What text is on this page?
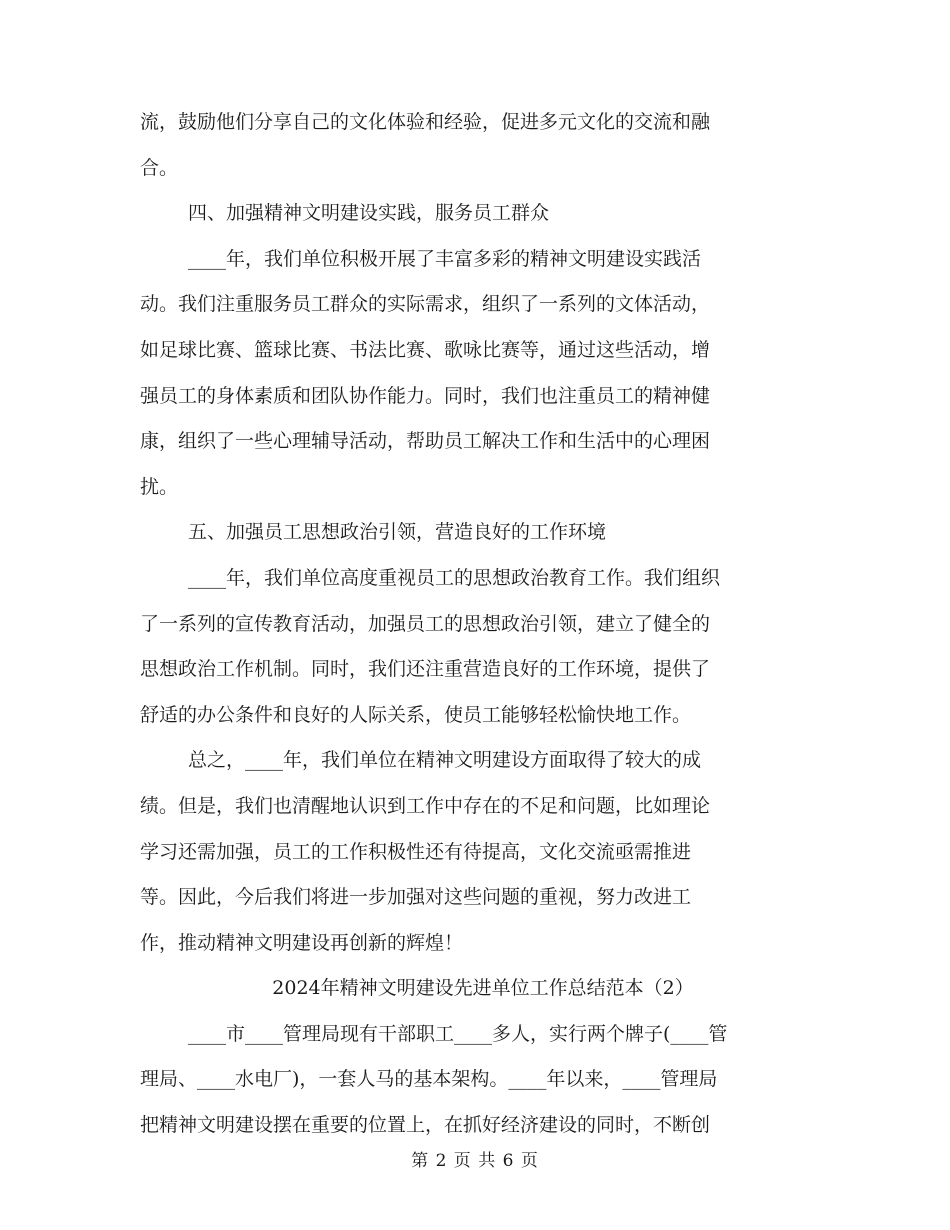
流，鼓励他们分享自己的文化体验和经验，促进多元文化的交流和融
合。
四、加强精神文明建设实践，服务员工群众
____年，我们单位积极开展了丰富多彩的精神文明建设实践活
动。我们注重服务员工群众的实际需求，组织了一系列的文体活动，
如足球比赛、篮球比赛、书法比赛、歌咏比赛等，通过这些活动，增
强员工的身体素质和团队协作能力。同时，我们也注重员工的精神健
康，组织了一些心理辅导活动，帮助员工解决工作和生活中的心理困
扰。
五、加强员工思想政治引领，营造良好的工作环境
____年，我们单位高度重视员工的思想政治教育工作。我们组织
了一系列的宣传教育活动，加强员工的思想政治引领，建立了健全的
思想政治工作机制。同时，我们还注重营造良好的工作环境，提供了
舒适的办公条件和良好的人际关系，使员工能够轻松愉快地工作。
总之，____年，我们单位在精神文明建设方面取得了较大的成
绩。但是，我们也清醒地认识到工作中存在的不足和问题，比如理论
学习还需加强，员工的工作积极性还有待提高，文化交流亟需推进
等。因此，今后我们将进一步加强对这些问题的重视，努力改进工
作，推动精神文明建设再创新的辉煌！
2024年精神文明建设先进单位工作总结范本（2）
____市____管理局现有干部职工____多人，实行两个牌子(____管
理局、____水电厂)，一套人马的基本架构。____年以来，____管理局
把精神文明建设摆在重要的位置上，在抓好经济建设的同时，不断创
第 2 页 共 6 页
